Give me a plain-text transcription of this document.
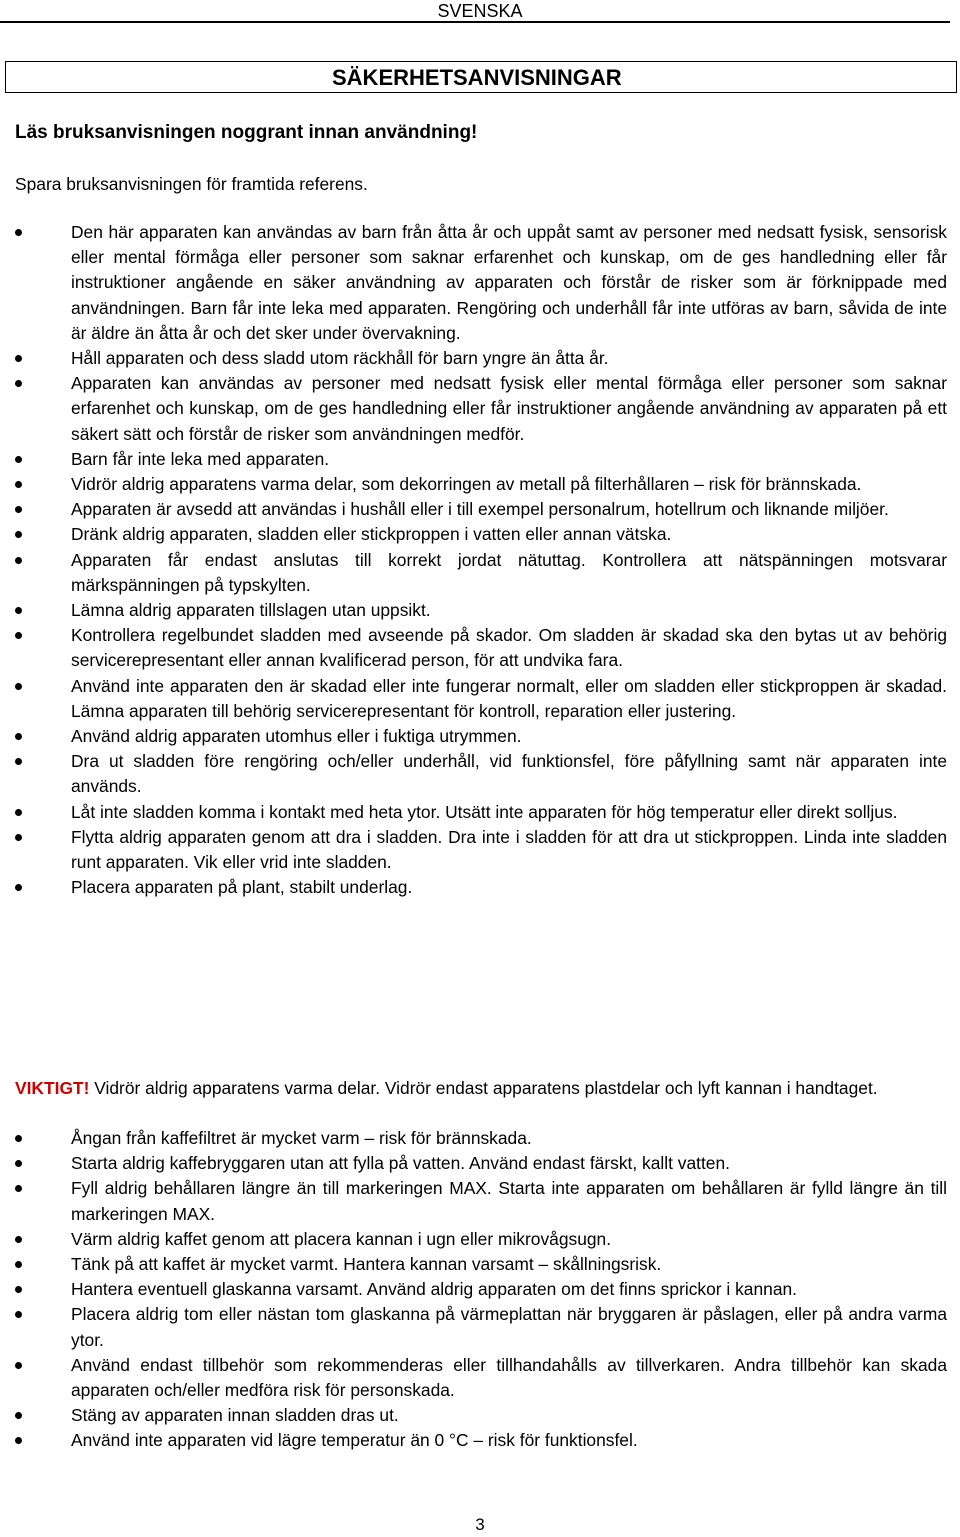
SVENSKA
SÄKERHETSANVISNINGAR
Läs bruksanvisningen noggrant innan användning!
Spara bruksanvisningen för framtida referens.
Den här apparaten kan användas av barn från åtta år och uppåt samt av personer med nedsatt fysisk, sensorisk eller mental förmåga eller personer som saknar erfarenhet och kunskap, om de ges handledning eller får instruktioner angående en säker användning av apparaten och förstår de risker som är förknippade med användningen. Barn får inte leka med apparaten. Rengöring och underhåll får inte utföras av barn, såvida de inte är äldre än åtta år och det sker under övervakning.
Håll apparaten och dess sladd utom räckhåll för barn yngre än åtta år.
Apparaten kan användas av personer med nedsatt fysisk eller mental förmåga eller personer som saknar erfarenhet och kunskap, om de ges handledning eller får instruktioner angående användning av apparaten på ett säkert sätt och förstår de risker som användningen medför.
Barn får inte leka med apparaten.
Vidrör aldrig apparatens varma delar, som dekorringen av metall på filterhållaren – risk för brännskada.
Apparaten är avsedd att användas i hushåll eller i till exempel personalrum, hotellrum och liknande miljöer.
Dränk aldrig apparaten, sladden eller stickproppen i vatten eller annan vätska.
Apparaten får endast anslutas till korrekt jordat nätuttag. Kontrollera att nätspänningen motsvarar märkspänningen på typskylten.
Lämna aldrig apparaten tillslagen utan uppsikt.
Kontrollera regelbundet sladden med avseende på skador. Om sladden är skadad ska den bytas ut av behörig servicerepresentant eller annan kvalificerad person, för att undvika fara.
Använd inte apparaten den är skadad eller inte fungerar normalt, eller om sladden eller stickproppen är skadad. Lämna apparaten till behörig servicerepresentant för kontroll, reparation eller justering.
Använd aldrig apparaten utomhus eller i fuktiga utrymmen.
Dra ut sladden före rengöring och/eller underhåll, vid funktionsfel, före påfyllning samt när apparaten inte används.
Låt inte sladden komma i kontakt med heta ytor. Utsätt inte apparaten för hög temperatur eller direkt solljus.
Flytta aldrig apparaten genom att dra i sladden. Dra inte i sladden för att dra ut stickproppen. Linda inte sladden runt apparaten. Vik eller vrid inte sladden.
Placera apparaten på plant, stabilt underlag.
VIKTIGT! Vidrör aldrig apparatens varma delar. Vidrör endast apparatens plastdelar och lyft kannan i handtaget.
Ångan från kaffefiltret är mycket varm – risk för brännskada.
Starta aldrig kaffebryggaren utan att fylla på vatten. Använd endast färskt, kallt vatten.
Fyll aldrig behållaren längre än till markeringen MAX. Starta inte apparaten om behållaren är fylld längre än till markeringen MAX.
Värm aldrig kaffet genom att placera kannan i ugn eller mikrovågsugn.
Tänk på att kaffet är mycket varmt. Hantera kannan varsamt – skållningsrisk.
Hantera eventuell glaskanna varsamt. Använd aldrig apparaten om det finns sprickor i kannan.
Placera aldrig tom eller nästan tom glaskanna på värmeplattan när bryggaren är påslagen, eller på andra varma ytor.
Använd endast tillbehör som rekommenderas eller tillhandahålls av tillverkaren. Andra tillbehör kan skada apparaten och/eller medföra risk för personskada.
Stäng av apparaten innan sladden dras ut.
Använd inte apparaten vid lägre temperatur än 0 °C – risk för funktionsfel.
3
